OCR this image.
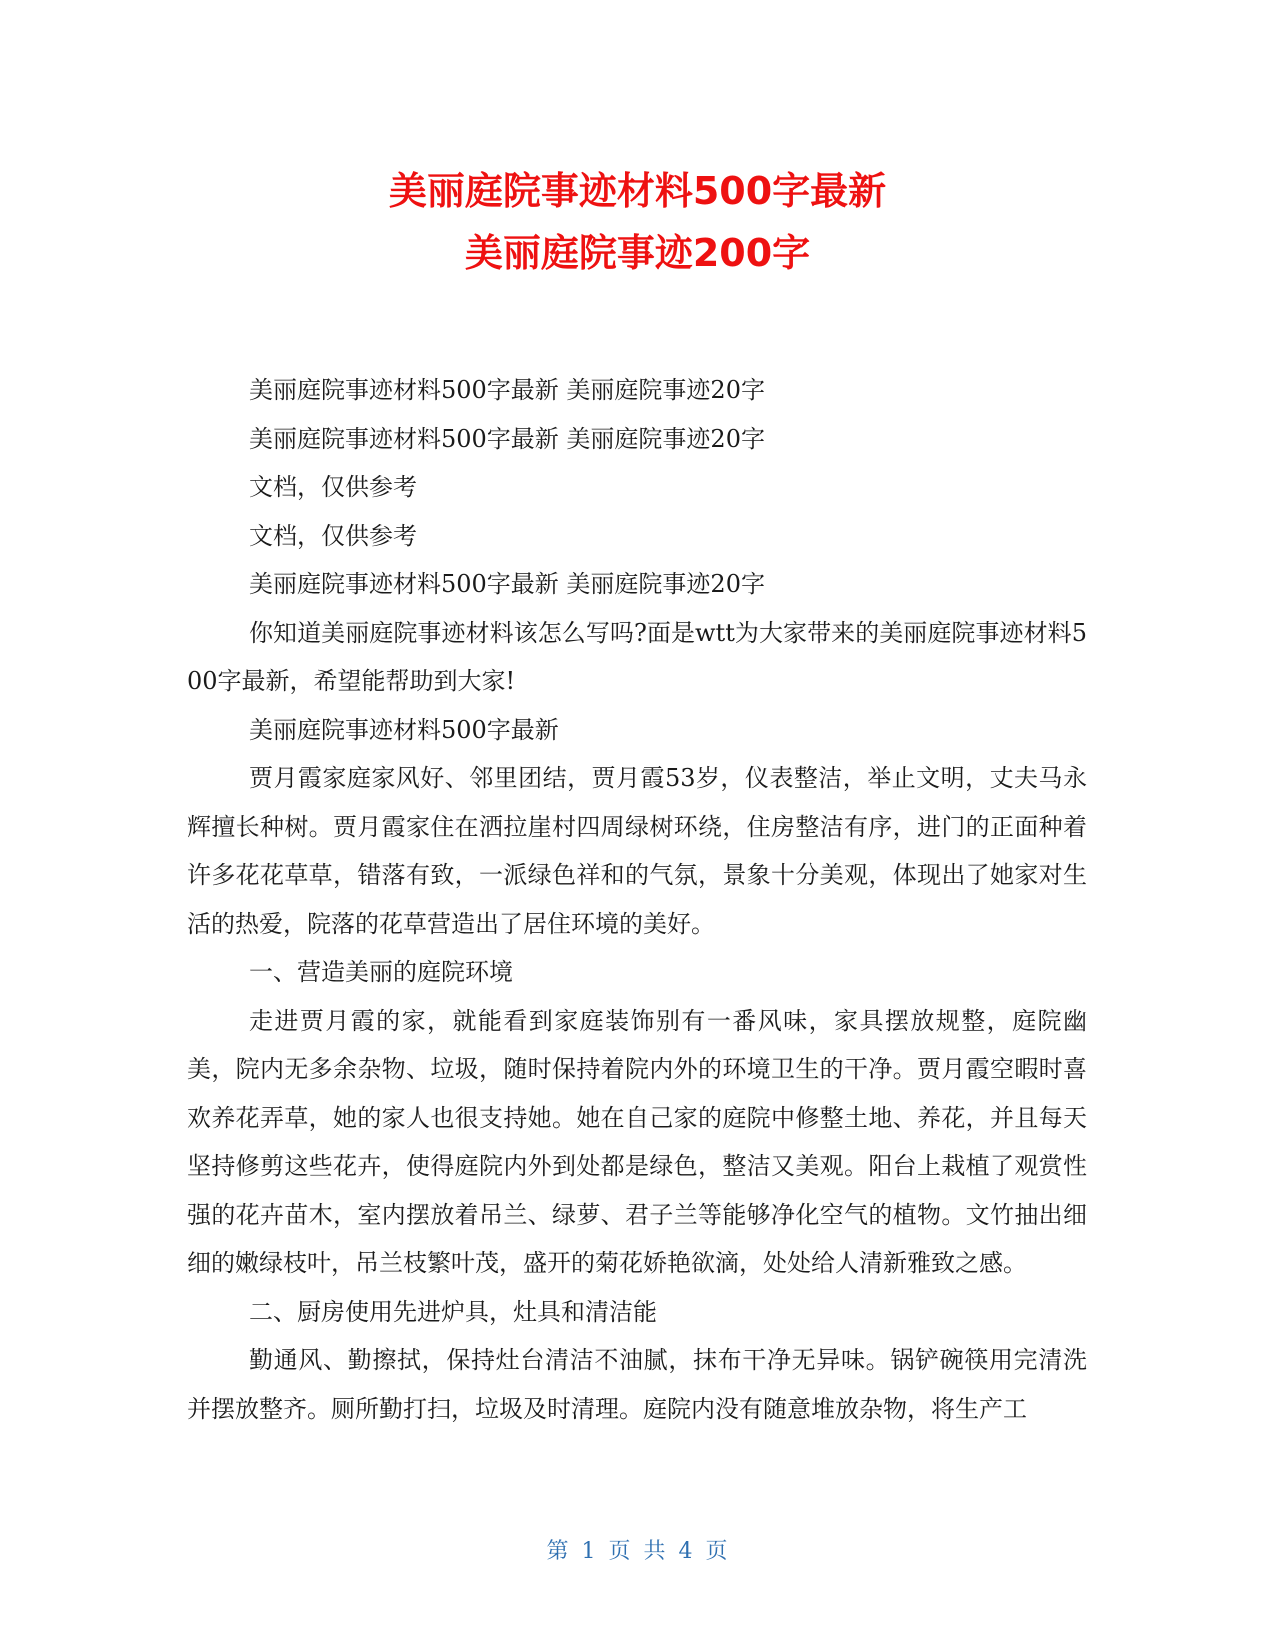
美丽庭院事迹材料500字最新
美丽庭院事迹200字

美丽庭院事迹材料500字最新 美丽庭院事迹20字

美丽庭院事迹材料500字最新 美丽庭院事迹20字

文档，仅供参考

文档，仅供参考

美丽庭院事迹材料500字最新 美丽庭院事迹20字

你知道美丽庭院事迹材料该怎么写吗?面是wtt为大家带来的美丽庭院事迹材料500字最新，希望能帮助到大家!

美丽庭院事迹材料500字最新

贾月霞家庭家风好、邻里团结，贾月霞53岁，仪表整洁，举止文明，丈夫马永辉擅长种树。贾月霞家住在洒拉崖村四周绿树环绕，住房整洁有序，进门的正面种着许多花花草草，错落有致，一派绿色祥和的气氛，景象十分美观，体现出了她家对生活的热爱，院落的花草营造出了居住环境的美好。

一、营造美丽的庭院环境

走进贾月霞的家，就能看到家庭装饰别有一番风味，家具摆放规整，庭院幽美，院内无多余杂物、垃圾，随时保持着院内外的环境卫生的干净。贾月霞空暇时喜欢养花弄草，她的家人也很支持她。她在自己家的庭院中修整土地、养花，并且每天坚持修剪这些花卉，使得庭院内外到处都是绿色，整洁又美观。阳台上栽植了观赏性强的花卉苗木，室内摆放着吊兰、绿萝、君子兰等能够净化空气的植物。文竹抽出细细的嫩绿枝叶，吊兰枝繁叶茂，盛开的菊花娇艳欲滴，处处给人清新雅致之感。

二、厨房使用先进炉具，灶具和清洁能

勤通风、勤擦拭，保持灶台清洁不油腻，抹布干净无异味。锅铲碗筷用完清洗并摆放整齐。厕所勤打扫，垃圾及时清理。庭院内没有随意堆放杂物，将生产工

第 1 页 共 4 页
